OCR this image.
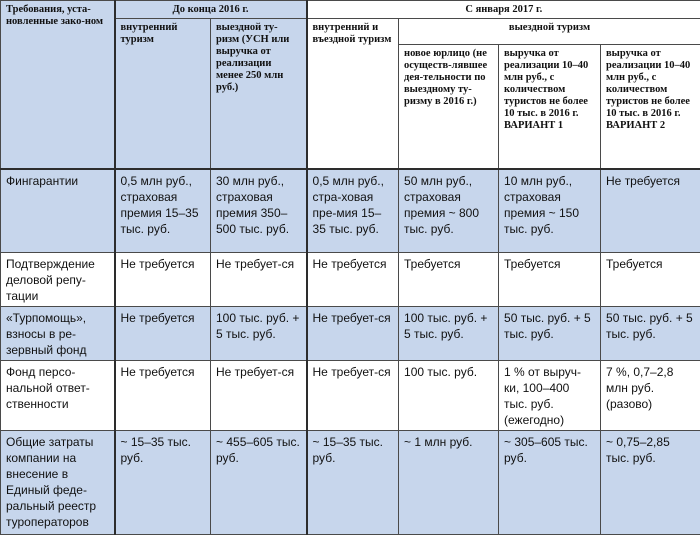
Требования, уста-новленные зако-ном	До конца 2016 г.		С января 2017 г.			
	внутренний туризм	выездной ту-ризм (УСН или выручка от реализации менее 250 млн руб.)	внутренний и въездной туризм	выездной туризм		
				новое юрлицо (не осуществ-лявшее дея-тельности по выездному ту-ризму в 2016 г.)	выручка от реализации 10–40 млн руб., с количеством туристов не более 10 тыс. в 2016 г. ВАРИАНТ 1	выручка от реализации 10–40 млн руб., с количеством туристов не более 10 тыс. в 2016 г. ВАРИАНТ 2
Фингарантии	0,5 млн руб., страховая премия 15–35 тыс. руб.	30 млн руб., страховая премия 350–500 тыс. руб.	0,5 млн руб., стра-ховая пре-мия 15–35 тыс. руб.	50 млн руб., страховая премия ~ 800 тыс. руб.	10 млн руб., страховая премия ~ 150 тыс. руб.	Не требуется
Подтверждение деловой репу-тации	Не требуется	Не требует-ся	Не требуется	Требуется	Требуется	Требуется
«Турпомощь», взносы в ре-зервный фонд	Не требуется	100 тыс. руб. + 5 тыс. руб.	Не требует-ся	100 тыс. руб. + 5 тыс. руб.	50 тыс. руб. + 5 тыс. руб.	50 тыс. руб. + 5 тыс. руб.
Фонд персо-нальной ответ-ственности	Не требуется	Не требует-ся	Не требует-ся	100 тыс. руб.	1 % от выруч-ки, 100–400 тыс. руб. (ежегодно)	7 %, 0,7–2,8 млн руб. (разово)
Общие затраты компании на внесение в Единый феде-ральный реестр туроператоров	~ 15–35 тыс. руб.	~ 455–605 тыс. руб.	~ 15–35 тыс. руб.	~ 1 млн руб.	~ 305–605 тыс. руб.	~ 0,75–2,85 тыс. руб.
